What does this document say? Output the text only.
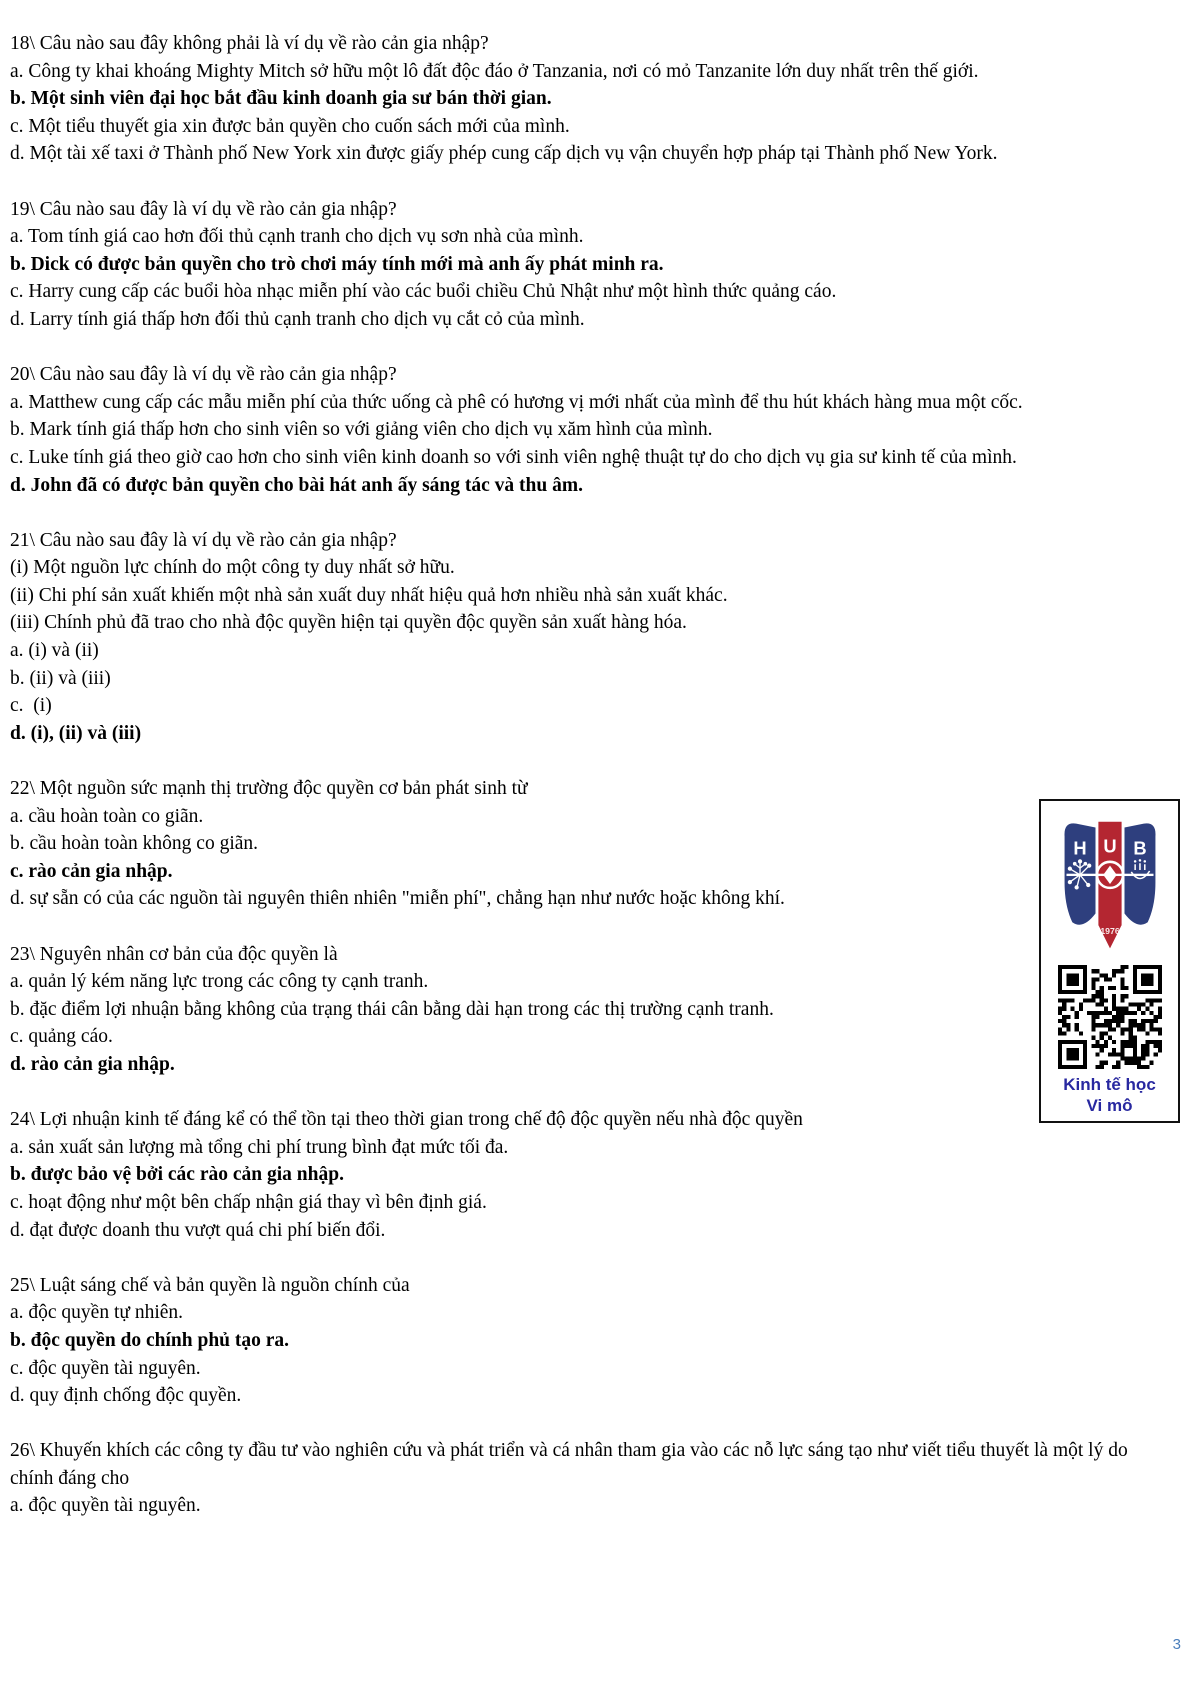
18\ Câu nào sau đây không phải là ví dụ về rào cản gia nhập?
a. Công ty khai khoáng Mighty Mitch sở hữu một lô đất độc đáo ở Tanzania, nơi có mỏ Tanzanite lớn duy nhất trên thế giới.
b. Một sinh viên đại học bắt đầu kinh doanh gia sư bán thời gian.
c. Một tiểu thuyết gia xin được bản quyền cho cuốn sách mới của mình.
d. Một tài xế taxi ở Thành phố New York xin được giấy phép cung cấp dịch vụ vận chuyển hợp pháp tại Thành phố New York.
19\ Câu nào sau đây là ví dụ về rào cản gia nhập?
a. Tom tính giá cao hơn đối thủ cạnh tranh cho dịch vụ sơn nhà của mình.
b. Dick có được bản quyền cho trò chơi máy tính mới mà anh ấy phát minh ra.
c. Harry cung cấp các buổi hòa nhạc miễn phí vào các buổi chiều Chủ Nhật như một hình thức quảng cáo.
d. Larry tính giá thấp hơn đối thủ cạnh tranh cho dịch vụ cắt cỏ của mình.
20\ Câu nào sau đây là ví dụ về rào cản gia nhập?
a. Matthew cung cấp các mẫu miễn phí của thức uống cà phê có hương vị mới nhất của mình để thu hút khách hàng mua một cốc.
b. Mark tính giá thấp hơn cho sinh viên so với giảng viên cho dịch vụ xăm hình của mình.
c. Luke tính giá theo giờ cao hơn cho sinh viên kinh doanh so với sinh viên nghệ thuật tự do cho dịch vụ gia sư kinh tế của mình.
d. John đã có được bản quyền cho bài hát anh ấy sáng tác và thu âm.
21\ Câu nào sau đây là ví dụ về rào cản gia nhập?
(i) Một nguồn lực chính do một công ty duy nhất sở hữu.
(ii) Chi phí sản xuất khiến một nhà sản xuất duy nhất hiệu quả hơn nhiều nhà sản xuất khác.
(iii) Chính phủ đã trao cho nhà độc quyền hiện tại quyền độc quyền sản xuất hàng hóa.
a. (i) và (ii)
b. (ii) và (iii)
c.  (i)
d. (i), (ii) và (iii)
22\ Một nguồn sức mạnh thị trường độc quyền cơ bản phát sinh từ
a. cầu hoàn toàn co giãn.
b. cầu hoàn toàn không co giãn.
c. rào cản gia nhập.
d. sự sẵn có của các nguồn tài nguyên thiên nhiên "miễn phí", chẳng hạn như nước hoặc không khí.
23\ Nguyên nhân cơ bản của độc quyền là
a. quản lý kém năng lực trong các công ty cạnh tranh.
b. đặc điểm lợi nhuận bằng không của trạng thái cân bằng dài hạn trong các thị trường cạnh tranh.
c. quảng cáo.
d. rào cản gia nhập.
24\ Lợi nhuận kinh tế đáng kể có thể tồn tại theo thời gian trong chế độ độc quyền nếu nhà độc quyền
a. sản xuất sản lượng mà tổng chi phí trung bình đạt mức tối đa.
b. được bảo vệ bởi các rào cản gia nhập.
c. hoạt động như một bên chấp nhận giá thay vì bên định giá.
d. đạt được doanh thu vượt quá chi phí biến đổi.
25\ Luật sáng chế và bản quyền là nguồn chính của
a. độc quyền tự nhiên.
b. độc quyền do chính phủ tạo ra.
c. độc quyền tài nguyên.
d. quy định chống độc quyền.
26\ Khuyến khích các công ty đầu tư vào nghiên cứu và phát triển và cá nhân tham gia vào các nỗ lực sáng tạo như viết tiểu thuyết là một lý do chính đáng cho
a. độc quyền tài nguyên.
H U B
1976
Kinh tế học
Vi mô
3
